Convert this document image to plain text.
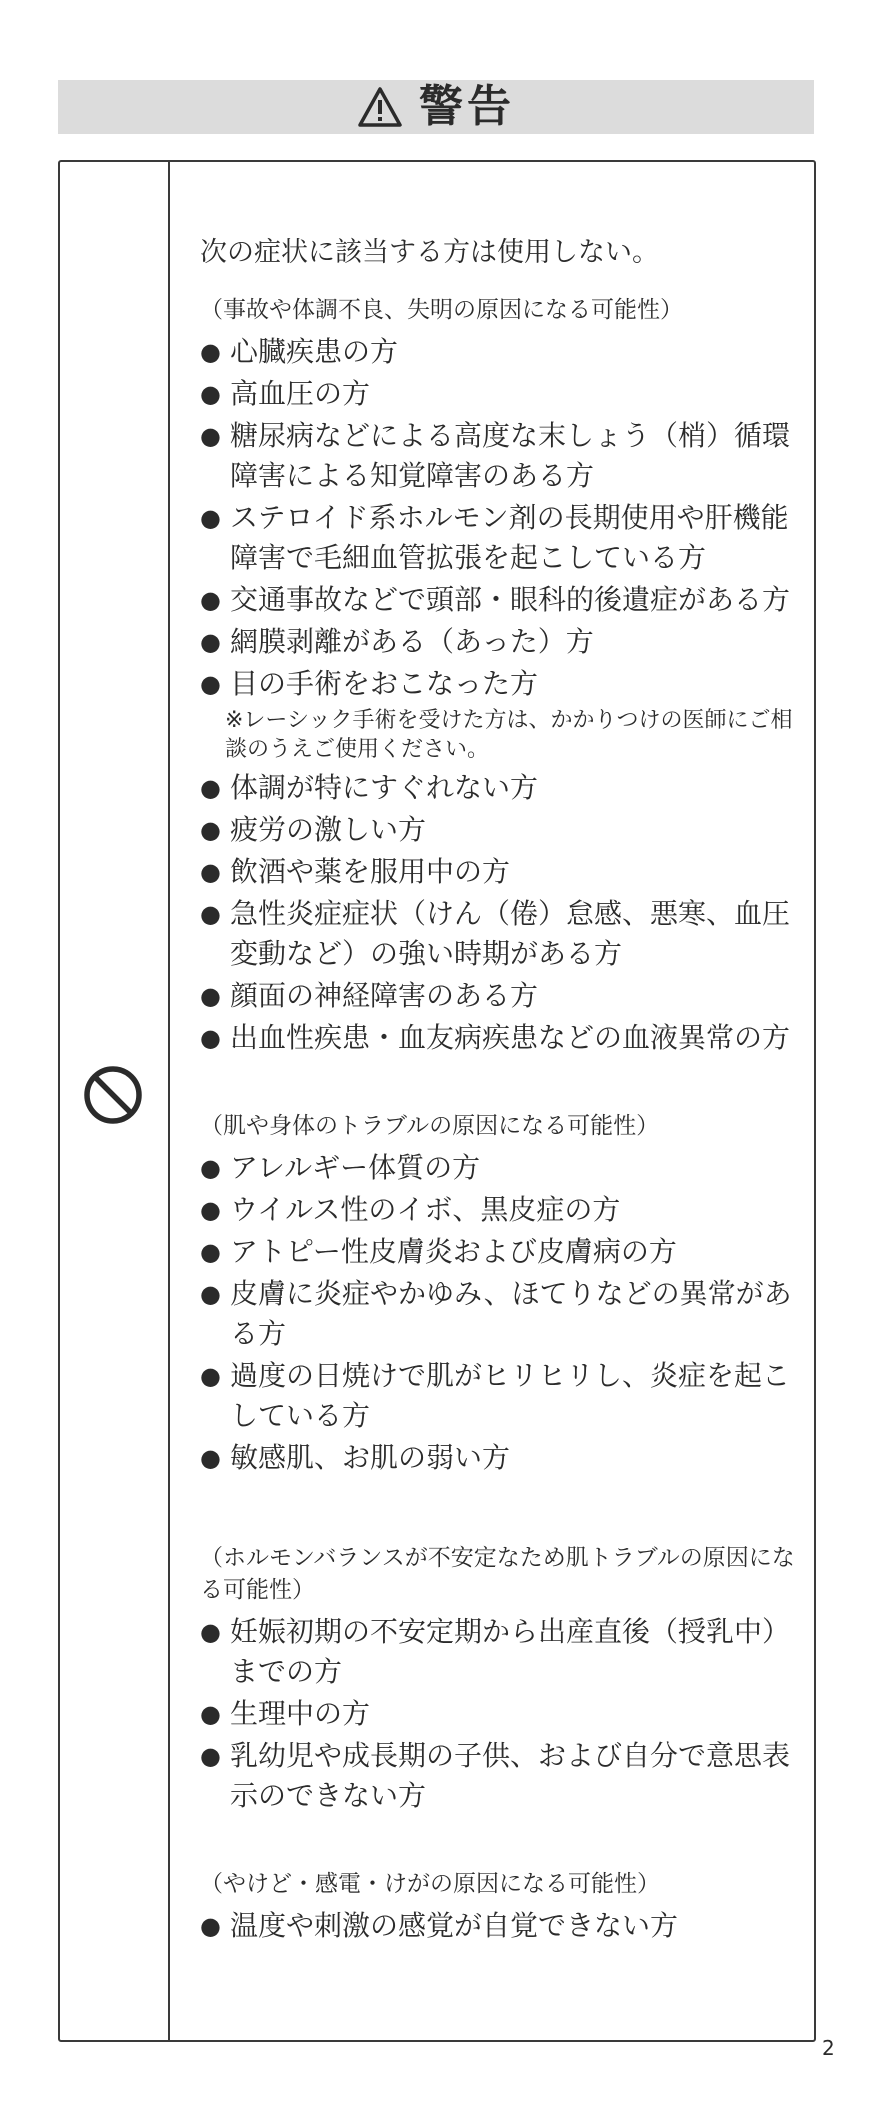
警告
次の症状に該当する方は使用しない。
（事故や体調不良、失明の原因になる可能性）
● 心臓疾患の方
● 高血圧の方
● 糖尿病などによる高度な末しょう（梢）循環障害による知覚障害のある方
● ステロイド系ホルモン剤の長期使用や肝機能障害で毛細血管拡張を起こしている方
● 交通事故などで頭部・眼科的後遺症がある方
● 網膜剥離がある（あった）方
● 目の手術をおこなった方
※レーシック手術を受けた方は、かかりつけの医師にご相談のうえご使用ください。
● 体調が特にすぐれない方
● 疲労の激しい方
● 飲酒や薬を服用中の方
● 急性炎症症状（けん（倦）怠感、悪寒、血圧変動など）の強い時期がある方
● 顔面の神経障害のある方
● 出血性疾患・血友病疾患などの血液異常の方
（肌や身体のトラブルの原因になる可能性）
● アレルギー体質の方
● ウイルス性のイボ、黒皮症の方
● アトピー性皮膚炎および皮膚病の方
● 皮膚に炎症やかゆみ、ほてりなどの異常がある方
● 過度の日焼けで肌がヒリヒリし、炎症を起こしている方
● 敏感肌、お肌の弱い方
（ホルモンバランスが不安定なため肌トラブルの原因になる可能性）
● 妊娠初期の不安定期から出産直後（授乳中）までの方
● 生理中の方
● 乳幼児や成長期の子供、および自分で意思表示のできない方
（やけど・感電・けがの原因になる可能性）
● 温度や刺激の感覚が自覚できない方
2
